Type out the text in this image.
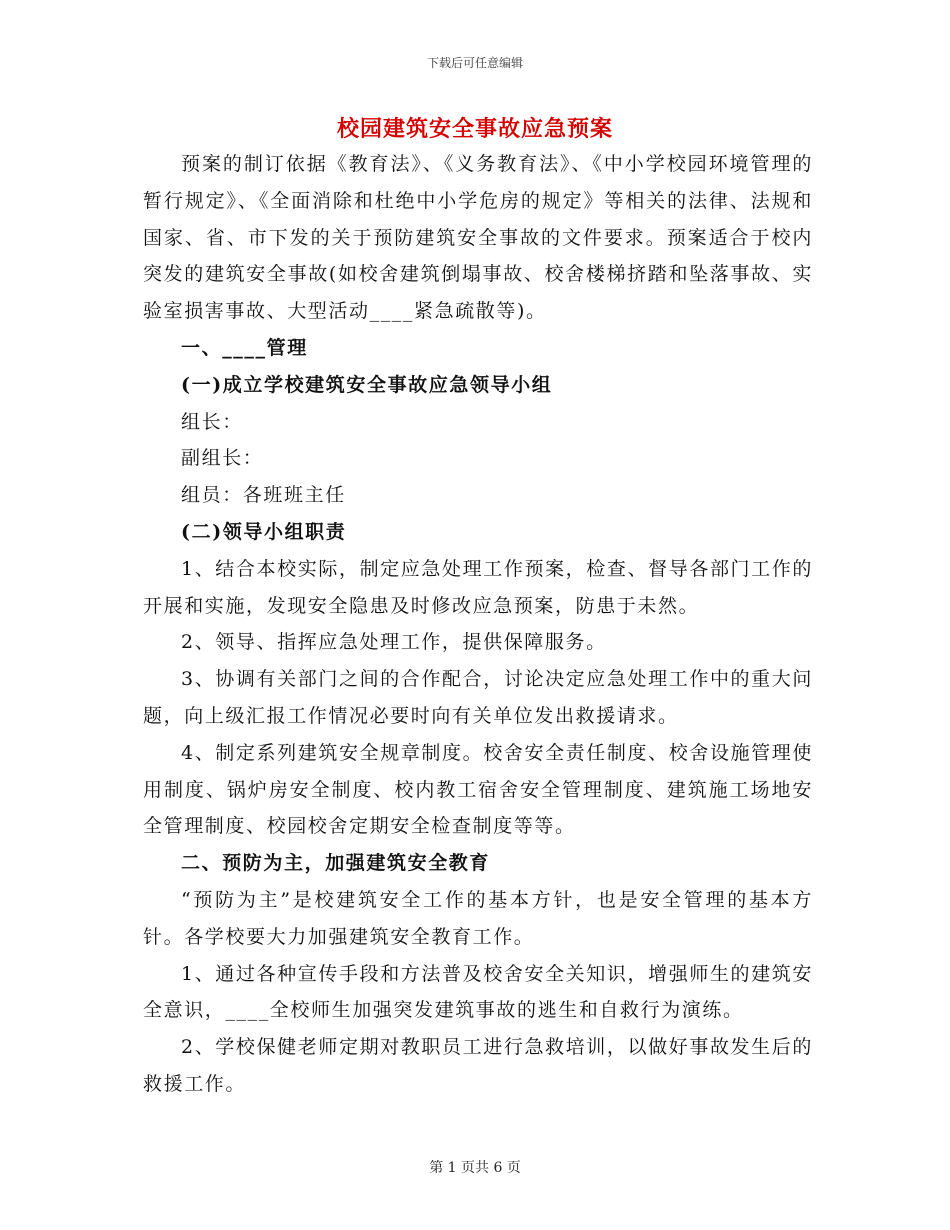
下载后可任意编辑
校园建筑安全事故应急预案

预案的制订依据《教育法》、《义务教育法》、《中小学校园环境管理的暂行规定》、《全面消除和杜绝中小学危房的规定》等相关的法律、法规和国家、省、市下发的关于预防建筑安全事故的文件要求。预案适合于校内突发的建筑安全事故(如校舍建筑倒塌事故、校舍楼梯挤踏和坠落事故、实验室损害事故、大型活动____紧急疏散等)。

一、____管理

(一)成立学校建筑安全事故应急领导小组

组长：

副组长：

组员：各班班主任

(二)领导小组职责

1、结合本校实际，制定应急处理工作预案，检查、督导各部门工作的开展和实施，发现安全隐患及时修改应急预案，防患于未然。

2、领导、指挥应急处理工作，提供保障服务。

3、协调有关部门之间的合作配合，讨论决定应急处理工作中的重大问题，向上级汇报工作情况必要时向有关单位发出救援请求。

4、制定系列建筑安全规章制度。校舍安全责任制度、校舍设施管理使用制度、锅炉房安全制度、校内教工宿舍安全管理制度、建筑施工场地安全管理制度、校园校舍定期安全检查制度等等。

二、预防为主，加强建筑安全教育

“预防为主”是校建筑安全工作的基本方针，也是安全管理的基本方针。各学校要大力加强建筑安全教育工作。

1、通过各种宣传手段和方法普及校舍安全关知识，增强师生的建筑安全意识，____全校师生加强突发建筑事故的逃生和自救行为演练。

2、学校保健老师定期对教职员工进行急救培训，以做好事故发生后的救援工作。

第 1 页共 6 页
